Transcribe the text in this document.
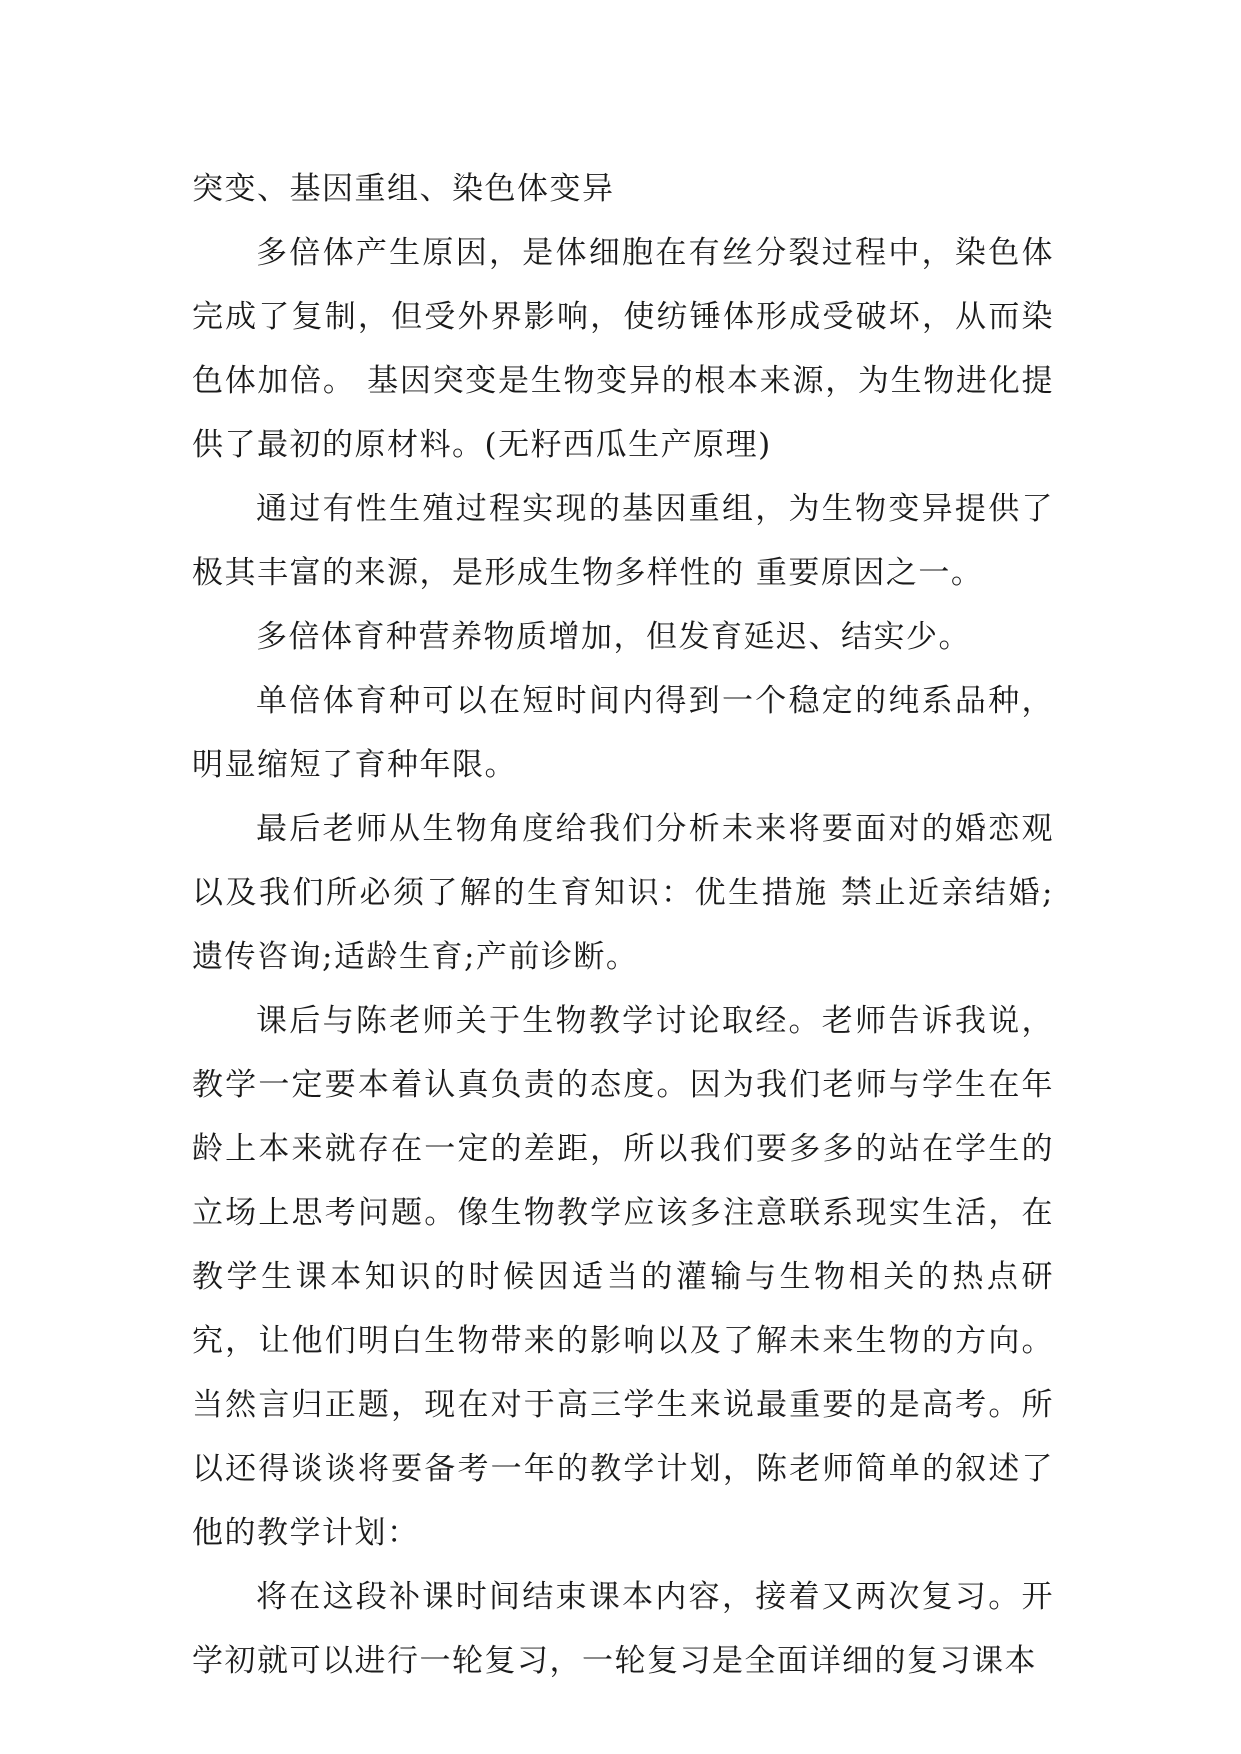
突变、基因重组、染色体变异

多倍体产生原因，是体细胞在有丝分裂过程中，染色体完成了复制，但受外界影响，使纺锤体形成受破坏，从而染色体加倍。 基因突变是生物变异的根本来源，为生物进化提供了最初的原材料。(无籽西瓜生产原理)

通过有性生殖过程实现的基因重组，为生物变异提供了极其丰富的来源，是形成生物多样性的 重要原因之一。

多倍体育种营养物质增加，但发育延迟、结实少。

单倍体育种可以在短时间内得到一个稳定的纯系品种，明显缩短了育种年限。

最后老师从生物角度给我们分析未来将要面对的婚恋观以及我们所必须了解的生育知识：优生措施 禁止近亲结婚;遗传咨询;适龄生育;产前诊断。

课后与陈老师关于生物教学讨论取经。老师告诉我说，教学一定要本着认真负责的态度。因为我们老师与学生在年龄上本来就存在一定的差距，所以我们要多多的站在学生的立场上思考问题。像生物教学应该多注意联系现实生活，在教学生课本知识的时候因适当的灌输与生物相关的热点研究，让他们明白生物带来的影响以及了解未来生物的方向。当然言归正题，现在对于高三学生来说最重要的是高考。所以还得谈谈将要备考一年的教学计划，陈老师简单的叙述了他的教学计划：

将在这段补课时间结束课本内容，接着又两次复习。开学初就可以进行一轮复习，一轮复习是全面详细的复习课本
